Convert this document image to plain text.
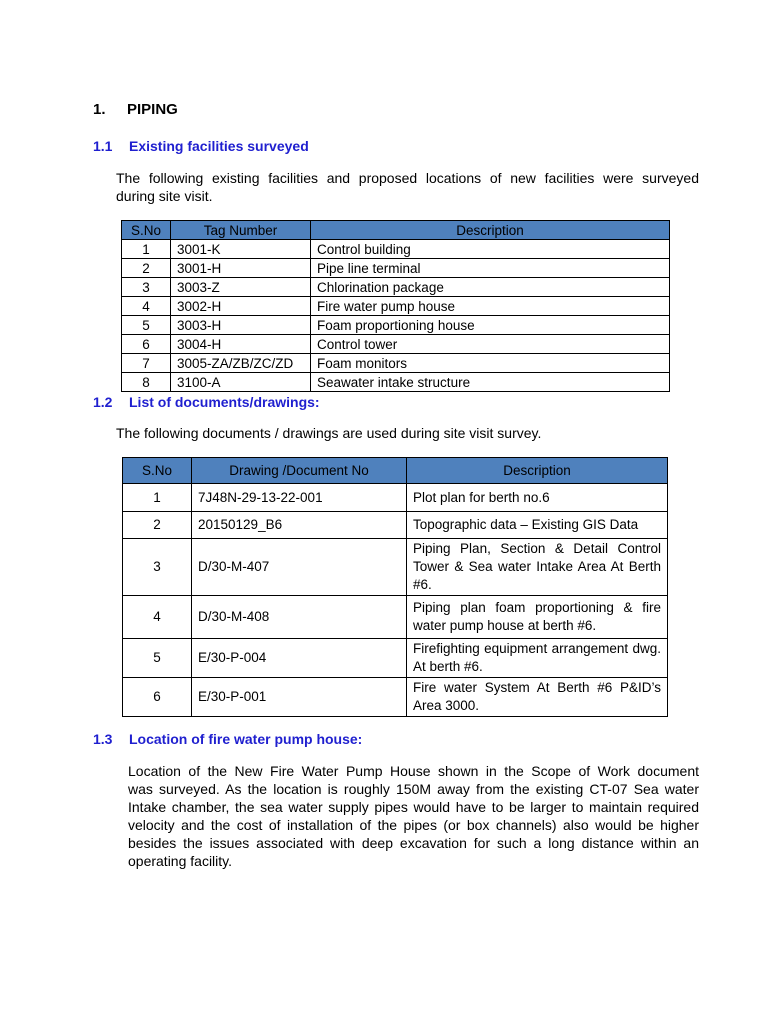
1. PIPING
1.1 Existing facilities surveyed
The following existing facilities and proposed locations of new facilities were surveyed
during site visit.
S.No	Tag Number	Description
1	3001-K	Control building
2	3001-H	Pipe line terminal
3	3003-Z	Chlorination package
4	3002-H	Fire water pump house
5	3003-H	Foam proportioning house
6	3004-H	Control tower
7	3005-ZA/ZB/ZC/ZD	Foam monitors
8	3100-A	Seawater intake structure
1.2 List of documents/drawings:
The following documents / drawings are used during site visit survey.
S.No	Drawing /Document No	Description
1	7J48N-29-13-22-001	Plot plan for berth no.6
2	20150129_B6	Topographic data – Existing GIS Data
3	D/30-M-407	Piping Plan, Section & Detail Control Tower & Sea water Intake Area At Berth #6.
4	D/30-M-408	Piping plan foam proportioning & fire water pump house at berth #6.
5	E/30-P-004	Firefighting equipment arrangement dwg. At berth #6.
6	E/30-P-001	Fire water System At Berth #6 P&ID’s Area 3000.
1.3 Location of fire water pump house:
Location of the New Fire Water Pump House shown in the Scope of Work document
was surveyed. As the location is roughly 150M away from the existing CT-07 Sea water
Intake chamber, the sea water supply pipes would have to be larger to maintain required
velocity and the cost of installation of the pipes (or box channels) also would be higher
besides the issues associated with deep excavation for such a long distance within an
operating facility.
